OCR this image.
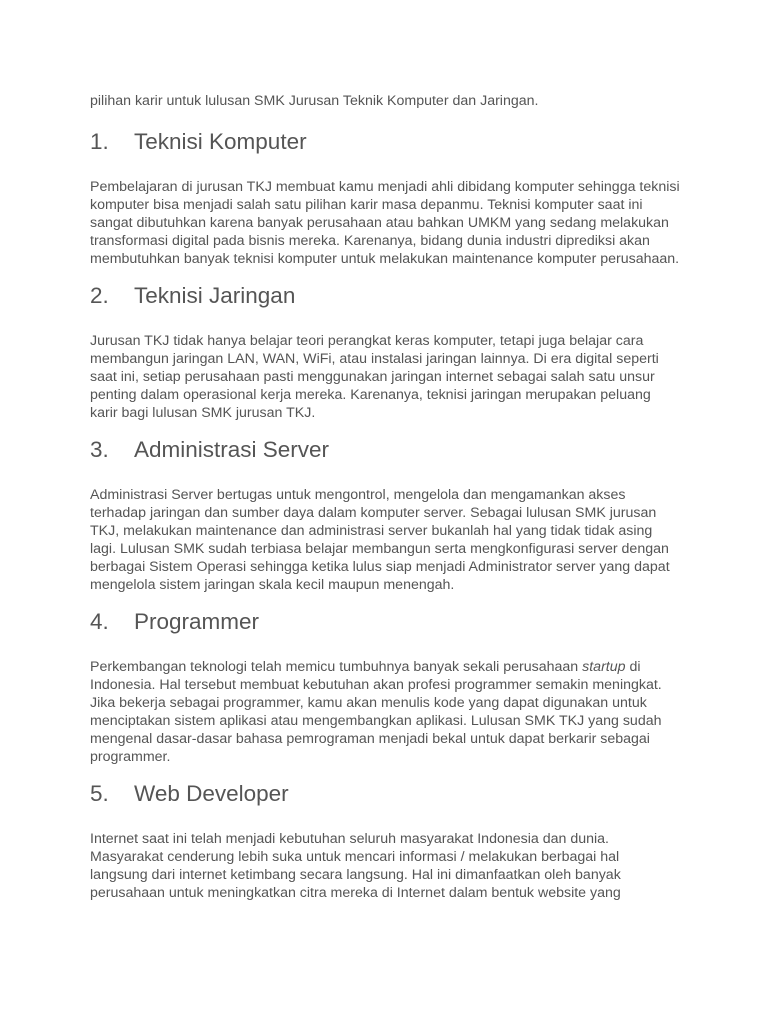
pilihan karir untuk lulusan SMK Jurusan Teknik Komputer dan Jaringan.

1.	Teknisi Komputer

Pembelajaran di jurusan TKJ membuat kamu menjadi ahli dibidang komputer sehingga teknisi komputer bisa menjadi salah satu pilihan karir masa depanmu. Teknisi komputer saat ini sangat dibutuhkan karena banyak perusahaan atau bahkan UMKM yang sedang melakukan transformasi digital pada bisnis mereka. Karenanya, bidang dunia industri diprediksi akan membutuhkan banyak teknisi komputer untuk melakukan maintenance komputer perusahaan.

2.	Teknisi Jaringan

Jurusan TKJ tidak hanya belajar teori perangkat keras komputer, tetapi juga belajar cara membangun jaringan LAN, WAN, WiFi, atau instalasi jaringan lainnya. Di era digital seperti saat ini, setiap perusahaan pasti menggunakan jaringan internet sebagai salah satu unsur penting dalam operasional kerja mereka. Karenanya, teknisi jaringan merupakan peluang karir bagi lulusan SMK jurusan TKJ.

3.	Administrasi Server

Administrasi Server bertugas untuk mengontrol, mengelola dan mengamankan akses terhadap jaringan dan sumber daya dalam komputer server. Sebagai lulusan SMK jurusan TKJ, melakukan maintenance dan administrasi server bukanlah hal yang tidak tidak asing lagi. Lulusan SMK sudah terbiasa belajar membangun serta mengkonfigurasi server dengan berbagai Sistem Operasi sehingga ketika lulus siap menjadi Administrator server yang dapat mengelola sistem jaringan skala kecil maupun menengah.

4.	Programmer

Perkembangan teknologi telah memicu tumbuhnya banyak sekali perusahaan startup di Indonesia. Hal tersebut membuat kebutuhan akan profesi programmer semakin meningkat. Jika bekerja sebagai programmer, kamu akan menulis kode yang dapat digunakan untuk menciptakan sistem aplikasi atau mengembangkan aplikasi. Lulusan SMK TKJ yang sudah mengenal dasar-dasar bahasa pemrograman menjadi bekal untuk dapat berkarir sebagai programmer.

5.	Web Developer

Internet saat ini telah menjadi kebutuhan seluruh masyarakat Indonesia dan dunia. Masyarakat cenderung lebih suka untuk mencari informasi / melakukan berbagai hal langsung dari internet ketimbang secara langsung. Hal ini dimanfaatkan oleh banyak perusahaan untuk meningkatkan citra mereka di Internet dalam bentuk website yang
